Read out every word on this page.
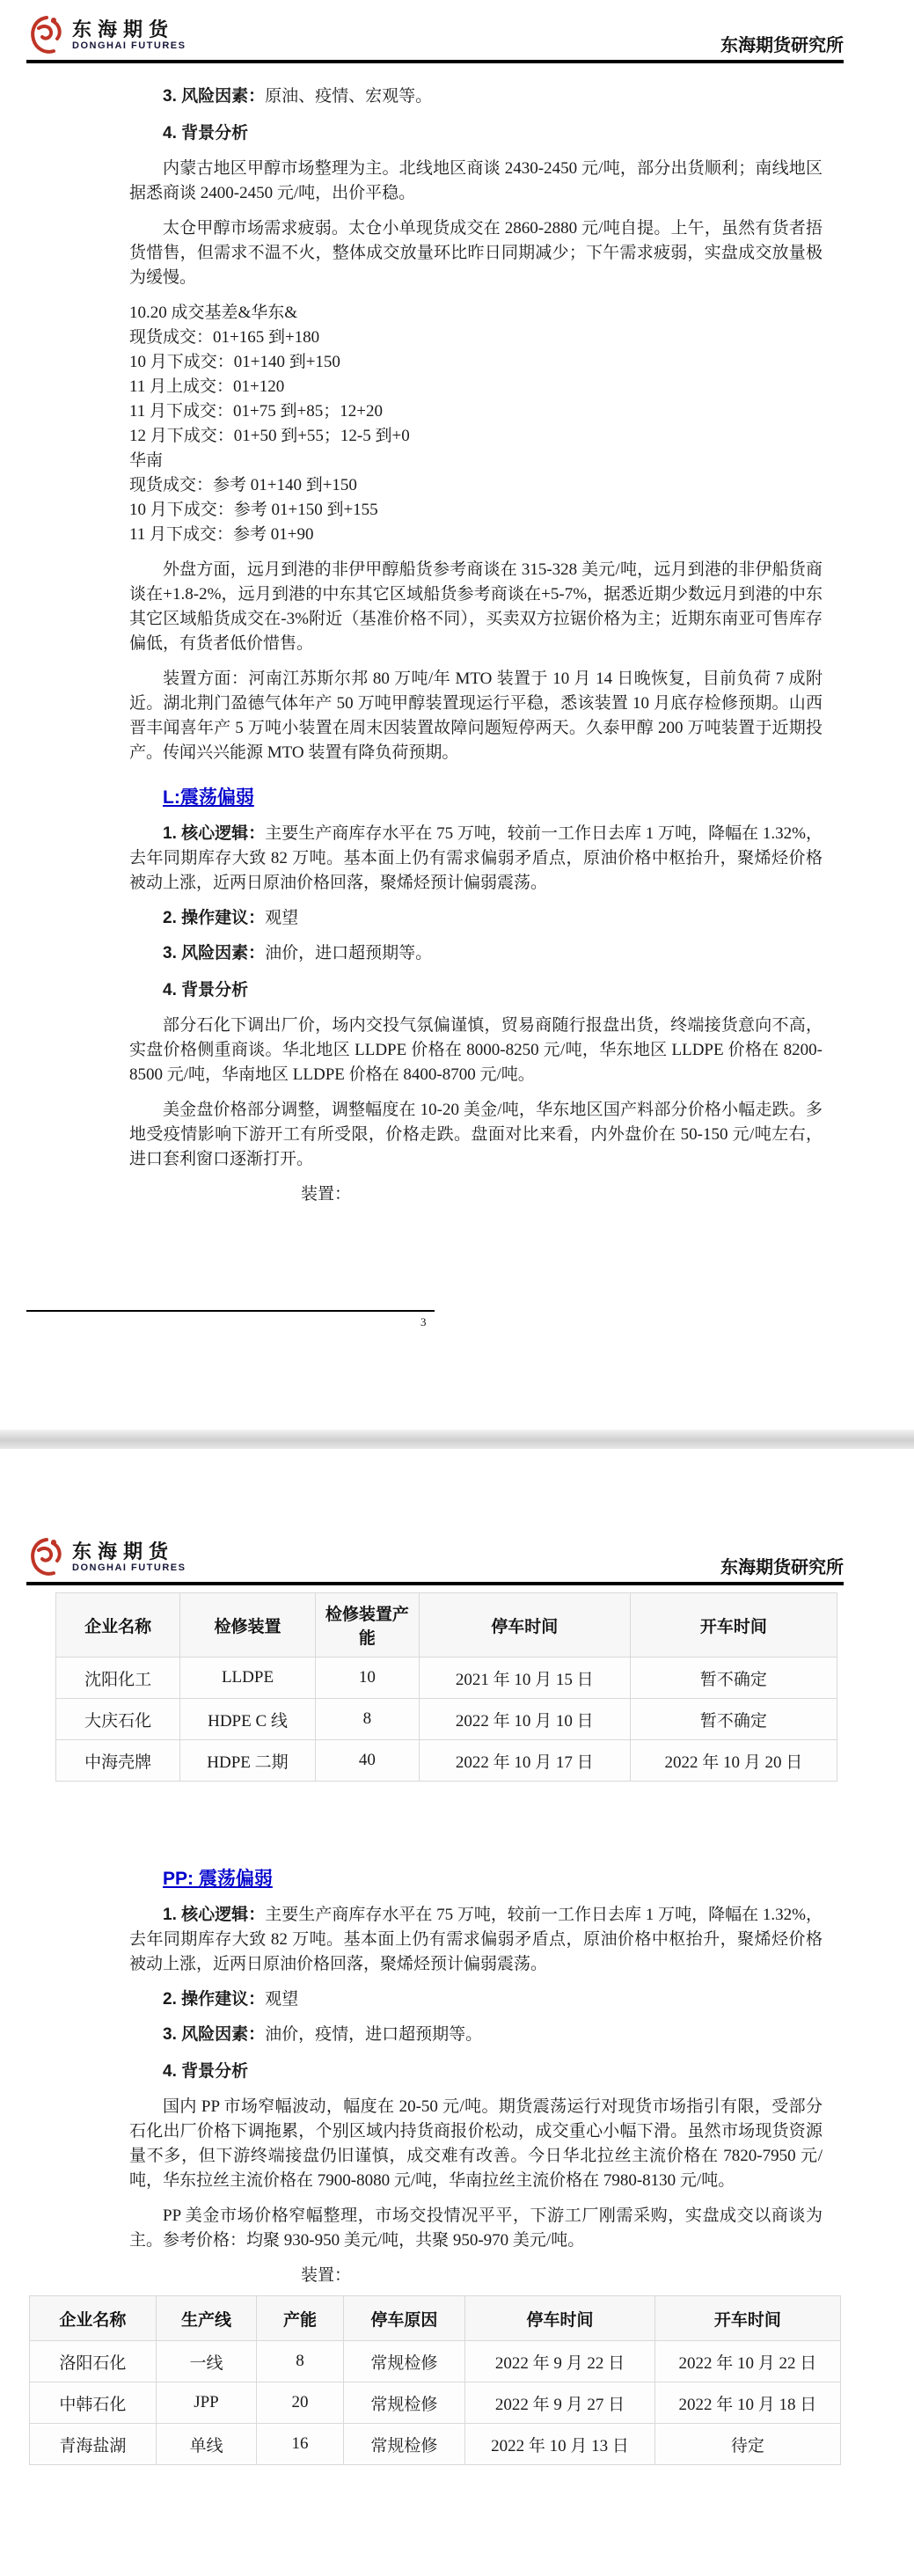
东海期货
DONGHAI FUTURES	东海期货研究所

3. 风险因素：原油、疫情、宏观等。

4. 背景分析

内蒙古地区甲醇市场整理为主。北线地区商谈 2430-2450 元/吨，部分出货顺利；南线地区据悉商谈 2400-2450 元/吨，出价平稳。

太仓甲醇市场需求疲弱。太仓小单现货成交在 2860-2880 元/吨自提。上午，虽然有货者捂货惜售，但需求不温不火，整体成交放量环比昨日同期减少；下午需求疲弱，实盘成交放量极为缓慢。

10.20 成交基差&华东&
现货成交：01+165 到+180
10 月下成交：01+140 到+150
11 月上成交：01+120
11 月下成交：01+75 到+85；12+20
12 月下成交：01+50 到+55；12-5 到+0
华南
现货成交：参考 01+140 到+150
10 月下成交：参考 01+150 到+155
11 月下成交：参考 01+90

外盘方面，远月到港的非伊甲醇船货参考商谈在 315-328 美元/吨，远月到港的非伊船货商谈在+1.8-2%，远月到港的中东其它区域船货参考商谈在+5-7%，据悉近期少数远月到港的中东其它区域船货成交在-3%附近（基准价格不同），买卖双方拉锯价格为主；近期东南亚可售库存偏低，有货者低价惜售。

装置方面：河南江苏斯尔邦 80 万吨/年 MTO 装置于 10 月 14 日晚恢复，目前负荷 7 成附近。湖北荆门盈德气体年产 50 万吨甲醇装置现运行平稳，悉该装置 10 月底存检修预期。山西晋丰闻喜年产 5 万吨小装置在周末因装置故障问题短停两天。久泰甲醇 200 万吨装置于近期投产。传闻兴兴能源 MTO 装置有降负荷预期。

L:震荡偏弱

1. 核心逻辑：主要生产商库存水平在 75 万吨，较前一工作日去库 1 万吨，降幅在 1.32%，去年同期库存大致 82 万吨。基本面上仍有需求偏弱矛盾点，原油价格中枢抬升，聚烯烃价格被动上涨，近两日原油价格回落，聚烯烃预计偏弱震荡。

2. 操作建议：观望

3. 风险因素：油价，进口超预期等。

4. 背景分析

部分石化下调出厂价，场内交投气氛偏谨慎，贸易商随行报盘出货，终端接货意向不高，实盘价格侧重商谈。华北地区 LLDPE 价格在 8000-8250 元/吨，华东地区 LLDPE 价格在 8200-8500 元/吨，华南地区 LLDPE 价格在 8400-8700 元/吨。

美金盘价格部分调整，调整幅度在 10-20 美金/吨，华东地区国产料部分价格小幅走跌。多地受疫情影响下游开工有所受限，价格走跌。盘面对比来看，内外盘价在 50-150 元/吨左右，进口套利窗口逐渐打开。

装置：

3
东海期货
DONGHAI FUTURES	东海期货研究所
企业名称	检修装置	检修装置产能	停车时间	开车时间
沈阳化工	LLDPE	10	2021 年 10 月 15 日	暂不确定
大庆石化	HDPE C 线	8	2022 年 10 月 10 日	暂不确定
中海壳牌	HDPE 二期	40	2022 年 10 月 17 日	2022 年 10 月 20 日
PP: 震荡偏弱

1. 核心逻辑：主要生产商库存水平在 75 万吨，较前一工作日去库 1 万吨，降幅在 1.32%，去年同期库存大致 82 万吨。基本面上仍有需求偏弱矛盾点，原油价格中枢抬升，聚烯烃价格被动上涨，近两日原油价格回落，聚烯烃预计偏弱震荡。

2. 操作建议：观望

3. 风险因素：油价，疫情，进口超预期等。

4. 背景分析

国内 PP 市场窄幅波动，幅度在 20-50 元/吨。期货震荡运行对现货市场指引有限，受部分石化出厂价格下调拖累，个别区域内持货商报价松动，成交重心小幅下滑。虽然市场现货资源量不多，但下游终端接盘仍旧谨慎，成交难有改善。今日华北拉丝主流价格在 7820-7950 元/吨，华东拉丝主流价格在 7900-8080 元/吨，华南拉丝主流价格在 7980-8130 元/吨。

PP 美金市场价格窄幅整理，市场交投情况平平，下游工厂刚需采购，实盘成交以商谈为主。参考价格：均聚 930-950 美元/吨，共聚 950-970 美元/吨。

装置：

企业名称	生产线	产能	停车原因	停车时间	开车时间
洛阳石化	一线	8	常规检修	2022 年 9 月 22 日	2022 年 10 月 22 日
中韩石化	JPP	20	常规检修	2022 年 9 月 27 日	2022 年 10 月 18 日
青海盐湖	单线	16	常规检修	2022 年 10 月 13 日	待定
